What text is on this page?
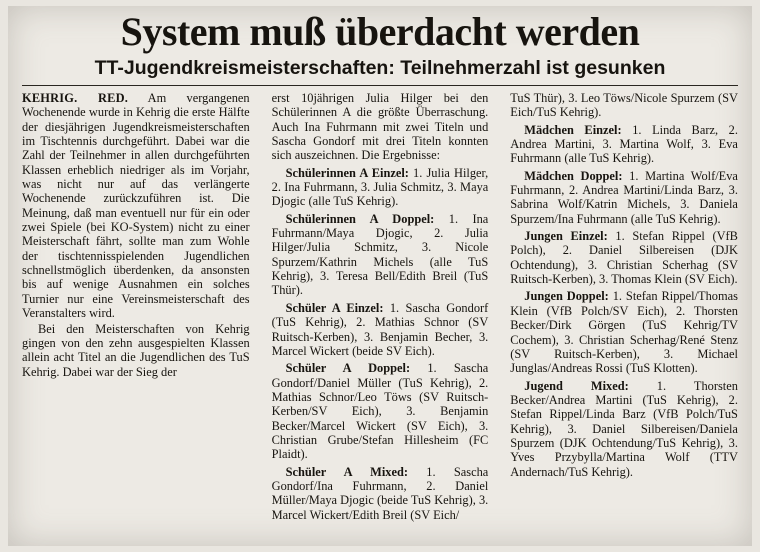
System muß überdacht werden
TT-Jugendkreismeisterschaften: Teilnehmerzahl ist gesunken

KEHRIG. RED. Am vergangenen Wochenende wurde in Kehrig die erste Hälfte der diesjährigen Jugendkreismeisterschaften im Tischtennis durchgeführt. Dabei war die Zahl der Teilnehmer in allen durchgeführten Klassen erheblich niedriger als im Vorjahr, was nicht nur auf das verlängerte Wochenende zurückzuführen ist. Die Meinung, daß man eventuell nur für ein oder zwei Spiele (bei KO-System) nicht zu einer Meisterschaft fährt, sollte man zum Wohle der tischtennisspielenden Jugendlichen schnellstmöglich überdenken, da ansonsten bis auf wenige Ausnahmen ein solches Turnier nur eine Vereinsmeisterschaft des Veranstalters wird.

Bei den Meisterschaften von Kehrig gingen von den zehn ausgespielten Klassen allein acht Titel an die Jugendlichen des TuS Kehrig. Dabei war der Sieg der

erst 10jährigen Julia Hilger bei den Schülerinnen A die größte Überraschung. Auch Ina Fuhrmann mit zwei Titeln und Sascha Gondorf mit drei Titeln konnten sich auszeichnen. Die Ergebnisse:

Schülerinnen A Einzel: 1. Julia Hilger, 2. Ina Fuhrmann, 3. Julia Schmitz, 3. Maya Djogic (alle TuS Kehrig).

Schülerinnen A Doppel: 1. Ina Fuhrmann/Maya Djogic, 2. Julia Hilger/Julia Schmitz, 3. Nicole Spurzem/Kathrin Michels (alle TuS Kehrig), 3. Teresa Bell/Edith Breil (TuS Thür).

Schüler A Einzel: 1. Sascha Gondorf (TuS Kehrig), 2. Mathias Schnor (SV Ruitsch-Kerben), 3. Benjamin Becher, 3. Marcel Wickert (beide SV Eich).

Schüler A Doppel: 1. Sascha Gondorf/Daniel Müller (TuS Kehrig), 2. Mathias Schnor/Leo Töws (SV Ruitsch-Kerben/SV Eich), 3. Benjamin Becker/Marcel Wickert (SV Eich), 3. Christian Grube/Stefan Hillesheim (FC Plaidt).

Schüler A Mixed: 1. Sascha Gondorf/Ina Fuhrmann, 2. Daniel Müller/Maya Djogic (beide TuS Kehrig), 3. Marcel Wickert/Edith Breil (SV Eich/

TuS Thür), 3. Leo Töws/Nicole Spurzem (SV Eich/TuS Kehrig).

Mädchen Einzel: 1. Linda Barz, 2. Andrea Martini, 3. Martina Wolf, 3. Eva Fuhrmann (alle TuS Kehrig).

Mädchen Doppel: 1. Martina Wolf/Eva Fuhrmann, 2. Andrea Martini/Linda Barz, 3. Sabrina Wolf/Katrin Michels, 3. Daniela Spurzem/Ina Fuhrmann (alle TuS Kehrig).

Jungen Einzel: 1. Stefan Rippel (VfB Polch), 2. Daniel Silbereisen (DJK Ochtendung), 3. Christian Scherhag (SV Ruitsch-Kerben), 3. Thomas Klein (SV Eich).

Jungen Doppel: 1. Stefan Rippel/Thomas Klein (VfB Polch/SV Eich), 2. Thorsten Becker/Dirk Görgen (TuS Kehrig/TV Cochem), 3. Christian Scherhag/René Stenz (SV Ruitsch-Kerben), 3. Michael Junglas/Andreas Rossi (TuS Klotten).

Jugend Mixed: 1. Thorsten Becker/Andrea Martini (TuS Kehrig), 2. Stefan Rippel/Linda Barz (VfB Polch/TuS Kehrig), 3. Daniel Silbereisen/Daniela Spurzem (DJK Ochtendung/TuS Kehrig), 3. Yves Przybylla/Martina Wolf (TTV Andernach/TuS Kehrig).
